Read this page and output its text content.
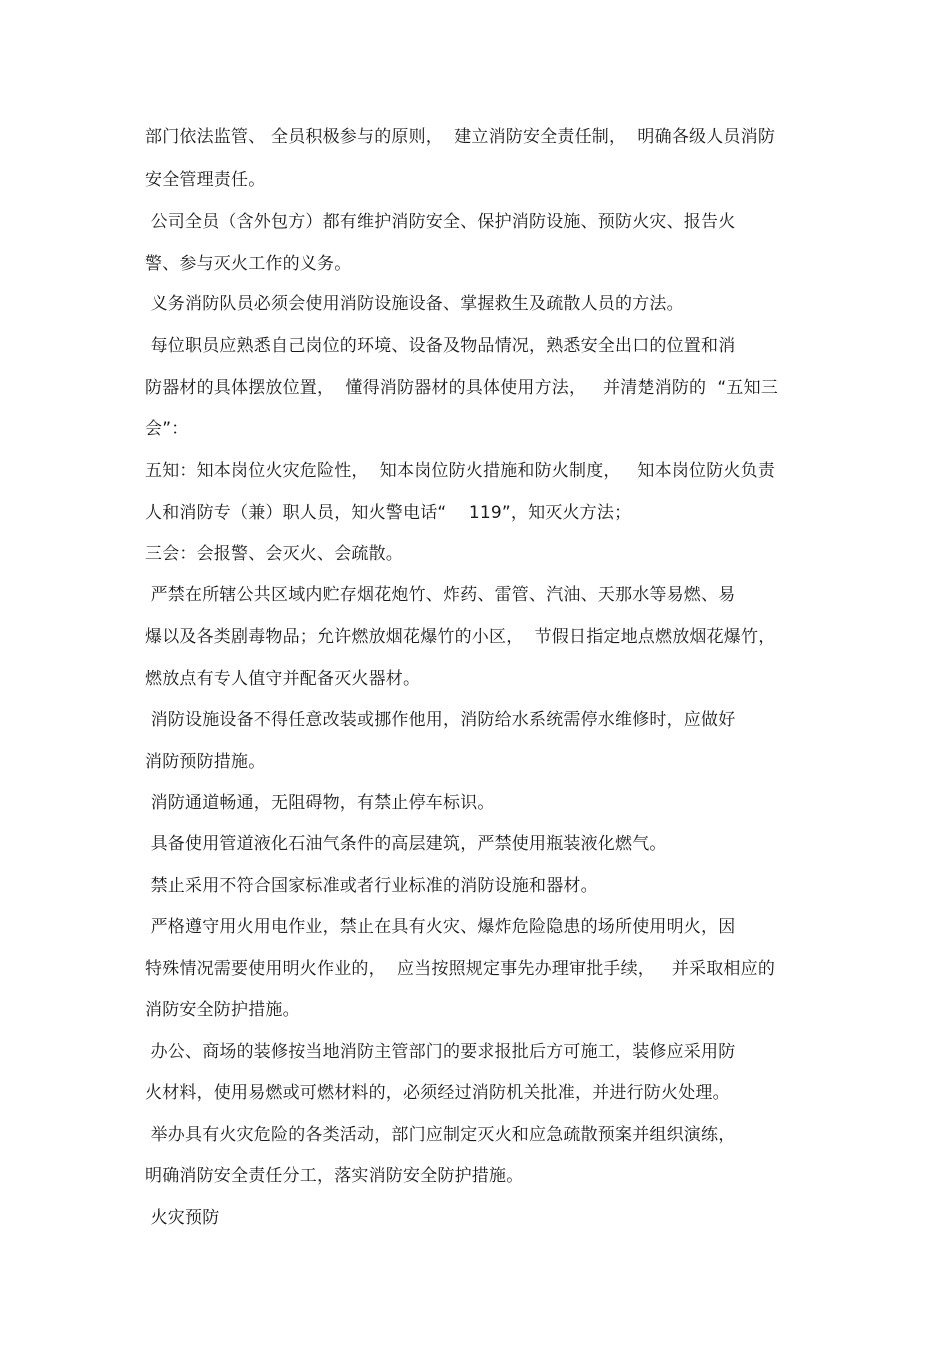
部门依法监管、 全员积极参与的原则，  建立消防安全责任制，  明确各级人员消防
安全管理责任。
公司全员（含外包方）都有维护消防安全、保护消防设施、预防火灾、报告火
警、参与灭火工作的义务。
义务消防队员必须会使用消防设施设备、掌握救生及疏散人员的方法。
每位职员应熟悉自己岗位的环境、设备及物品情况，熟悉安全出口的位置和消
防器材的具体摆放位置，  懂得消防器材的具体使用方法，   并清楚消防的  “五知三
会”：
五知：知本岗位火灾危险性，  知本岗位防火措施和防火制度，   知本岗位防火负责
人和消防专（兼）职人员，知火警电话“    119”，知灭火方法；
三会：会报警、会灭火、会疏散。
严禁在所辖公共区域内贮存烟花炮竹、炸药、雷管、汽油、天那水等易燃、易
爆以及各类剧毒物品；允许燃放烟花爆竹的小区，  节假日指定地点燃放烟花爆竹，
燃放点有专人值守并配备灭火器材。
消防设施设备不得任意改装或挪作他用，消防给水系统需停水维修时，应做好
消防预防措施。
消防通道畅通，无阻碍物，有禁止停车标识。
具备使用管道液化石油气条件的高层建筑，严禁使用瓶装液化燃气。
禁止采用不符合国家标准或者行业标准的消防设施和器材。
严格遵守用火用电作业，禁止在具有火灾、爆炸危险隐患的场所使用明火，因
特殊情况需要使用明火作业的，  应当按照规定事先办理审批手续，   并采取相应的
消防安全防护措施。
办公、商场的装修按当地消防主管部门的要求报批后方可施工，装修应采用防
火材料，使用易燃或可燃材料的，必须经过消防机关批准，并进行防火处理。
举办具有火灾危险的各类活动，部门应制定灭火和应急疏散预案并组织演练，
明确消防安全责任分工，落实消防安全防护措施。
火灾预防
